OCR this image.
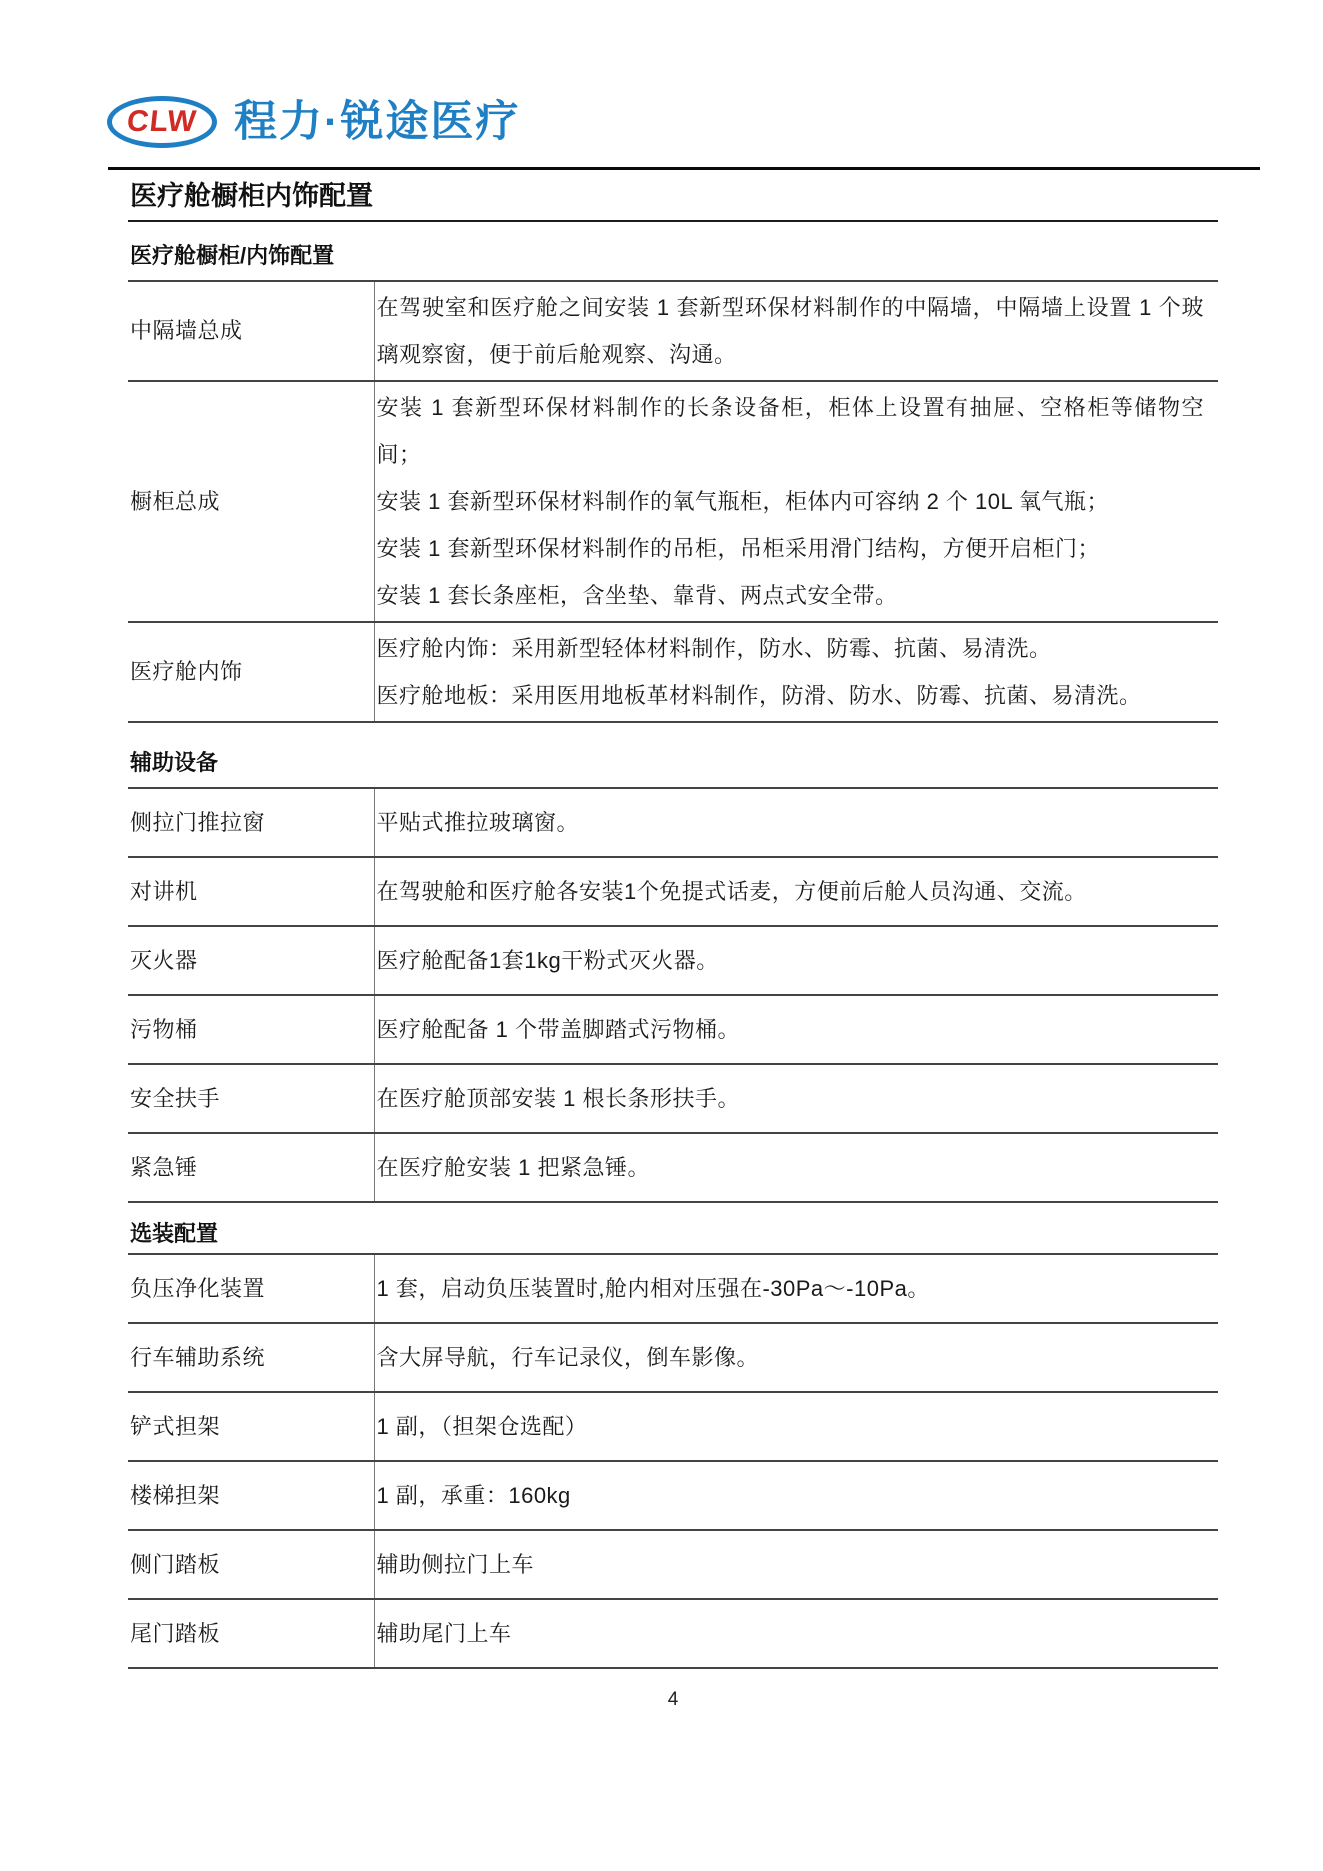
CLW 程力·锐途医疗
医疗舱橱柜内饰配置
医疗舱橱柜/内饰配置
中隔墙总成	在驾驶室和医疗舱之间安装 1 套新型环保材料制作的中隔墙，中隔墙上设置 1 个玻璃观察窗，便于前后舱观察、沟通。

橱柜总成	安装 1 套新型环保材料制作的长条设备柜，柜体上设置有抽屉、空格柜等储物空间；

安装 1 套新型环保材料制作的氧气瓶柜，柜体内可容纳 2 个 10L 氧气瓶；

安装 1 套新型环保材料制作的吊柜，吊柜采用滑门结构，方便开启柜门；

安装 1 套长条座柜，含坐垫、靠背、两点式安全带。

医疗舱内饰	医疗舱内饰：采用新型轻体材料制作，防水、防霉、抗菌、易清洗。

医疗舱地板：采用医用地板革材料制作，防滑、防水、防霉、抗菌、易清洗。

辅助设备
侧拉门推拉窗	平贴式推拉玻璃窗。

对讲机	在驾驶舱和医疗舱各安装1个免提式话麦，方便前后舱人员沟通、交流。

灭火器	医疗舱配备1套1kg干粉式灭火器。

污物桶	医疗舱配备 1 个带盖脚踏式污物桶。

安全扶手	在医疗舱顶部安装 1 根长条形扶手。

紧急锤	在医疗舱安装 1 把紧急锤。

选装配置
负压净化装置	1 套，启动负压装置时,舱内相对压强在-30Pa～-10Pa。

行车辅助系统	含大屏导航，行车记录仪，倒车影像。

铲式担架	1 副，（担架仓选配）

楼梯担架	1 副，承重：160kg

侧门踏板	辅助侧拉门上车

尾门踏板	辅助尾门上车

4
